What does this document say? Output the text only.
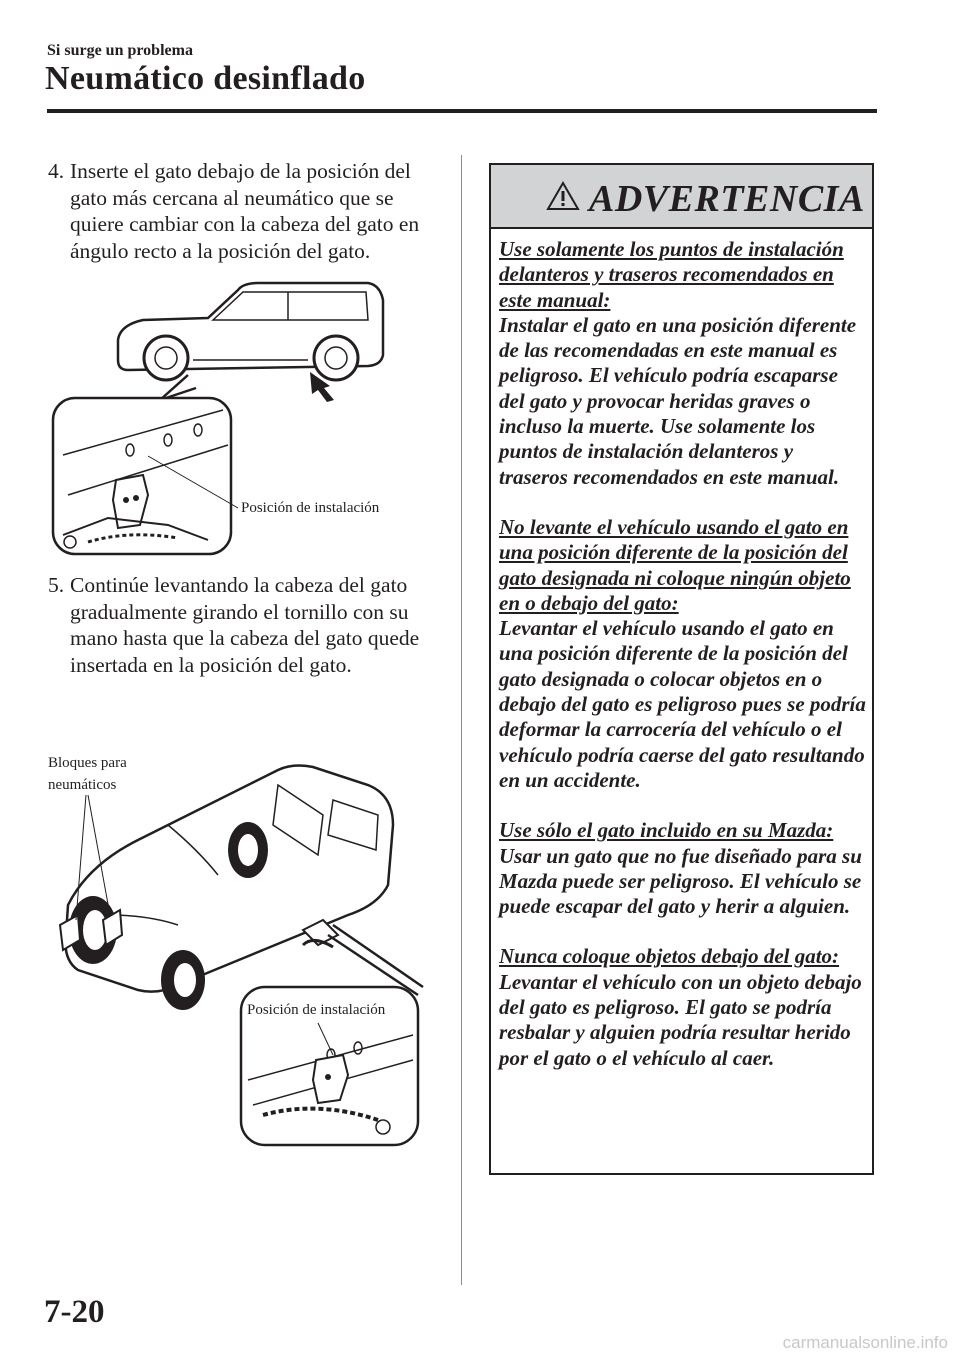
Si surge un problema
Neumático desinflado
4. Inserte el gato debajo de la posición del gato más cercana al neumático que se quiere cambiar con la cabeza del gato en ángulo recto a la posición del gato.
Posición de instalación
5. Continúe levantando la cabeza del gato gradualmente girando el tornillo con su mano hasta que la cabeza del gato quede insertada en la posición del gato.
Bloques para
neumáticos
Posición de instalación
ADVERTENCIA

Use solamente los puntos de instalación delanteros y traseros recomendados en este manual:
Instalar el gato en una posición diferente de las recomendadas en este manual es peligroso. El vehículo podría escaparse del gato y provocar heridas graves o incluso la muerte. Use solamente los puntos de instalación delanteros y traseros recomendados en este manual.

No levante el vehículo usando el gato en una posición diferente de la posición del gato designada ni coloque ningún objeto en o debajo del gato:
Levantar el vehículo usando el gato en una posición diferente de la posición del gato designada o colocar objetos en o debajo del gato es peligroso pues se podría deformar la carrocería del vehículo o el vehículo podría caerse del gato resultando en un accidente.

Use sólo el gato incluido en su Mazda:
Usar un gato que no fue diseñado para su Mazda puede ser peligroso. El vehículo se puede escapar del gato y herir a alguien.

Nunca coloque objetos debajo del gato:
Levantar el vehículo con un objeto debajo del gato es peligroso. El gato se podría resbalar y alguien podría resultar herido por el gato o el vehículo al caer.

7-20
carmanualsonline.info
